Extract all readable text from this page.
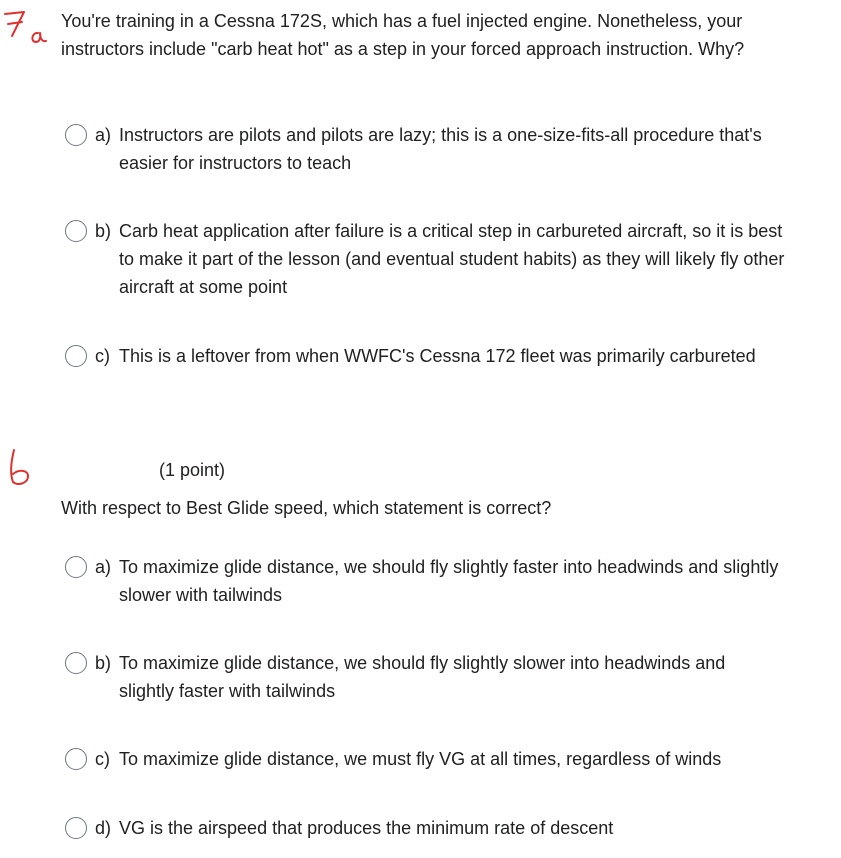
You're training in a Cessna 172S, which has a fuel injected engine. Nonetheless, your instructors include "carb heat hot" as a step in your forced approach instruction. Why?

a) Instructors are pilots and pilots are lazy; this is a one-size-fits-all procedure that's easier for instructors to teach
b) Carb heat application after failure is a critical step in carbureted aircraft, so it is best to make it part of the lesson (and eventual student habits) as they will likely fly other aircraft at some point
c) This is a leftover from when WWFC's Cessna 172 fleet was primarily carbureted

(1 point)

With respect to Best Glide speed, which statement is correct?

a) To maximize glide distance, we should fly slightly faster into headwinds and slightly slower with tailwinds
b) To maximize glide distance, we should fly slightly slower into headwinds and slightly faster with tailwinds
c) To maximize glide distance, we must fly VG at all times, regardless of winds
d) VG is the airspeed that produces the minimum rate of descent
